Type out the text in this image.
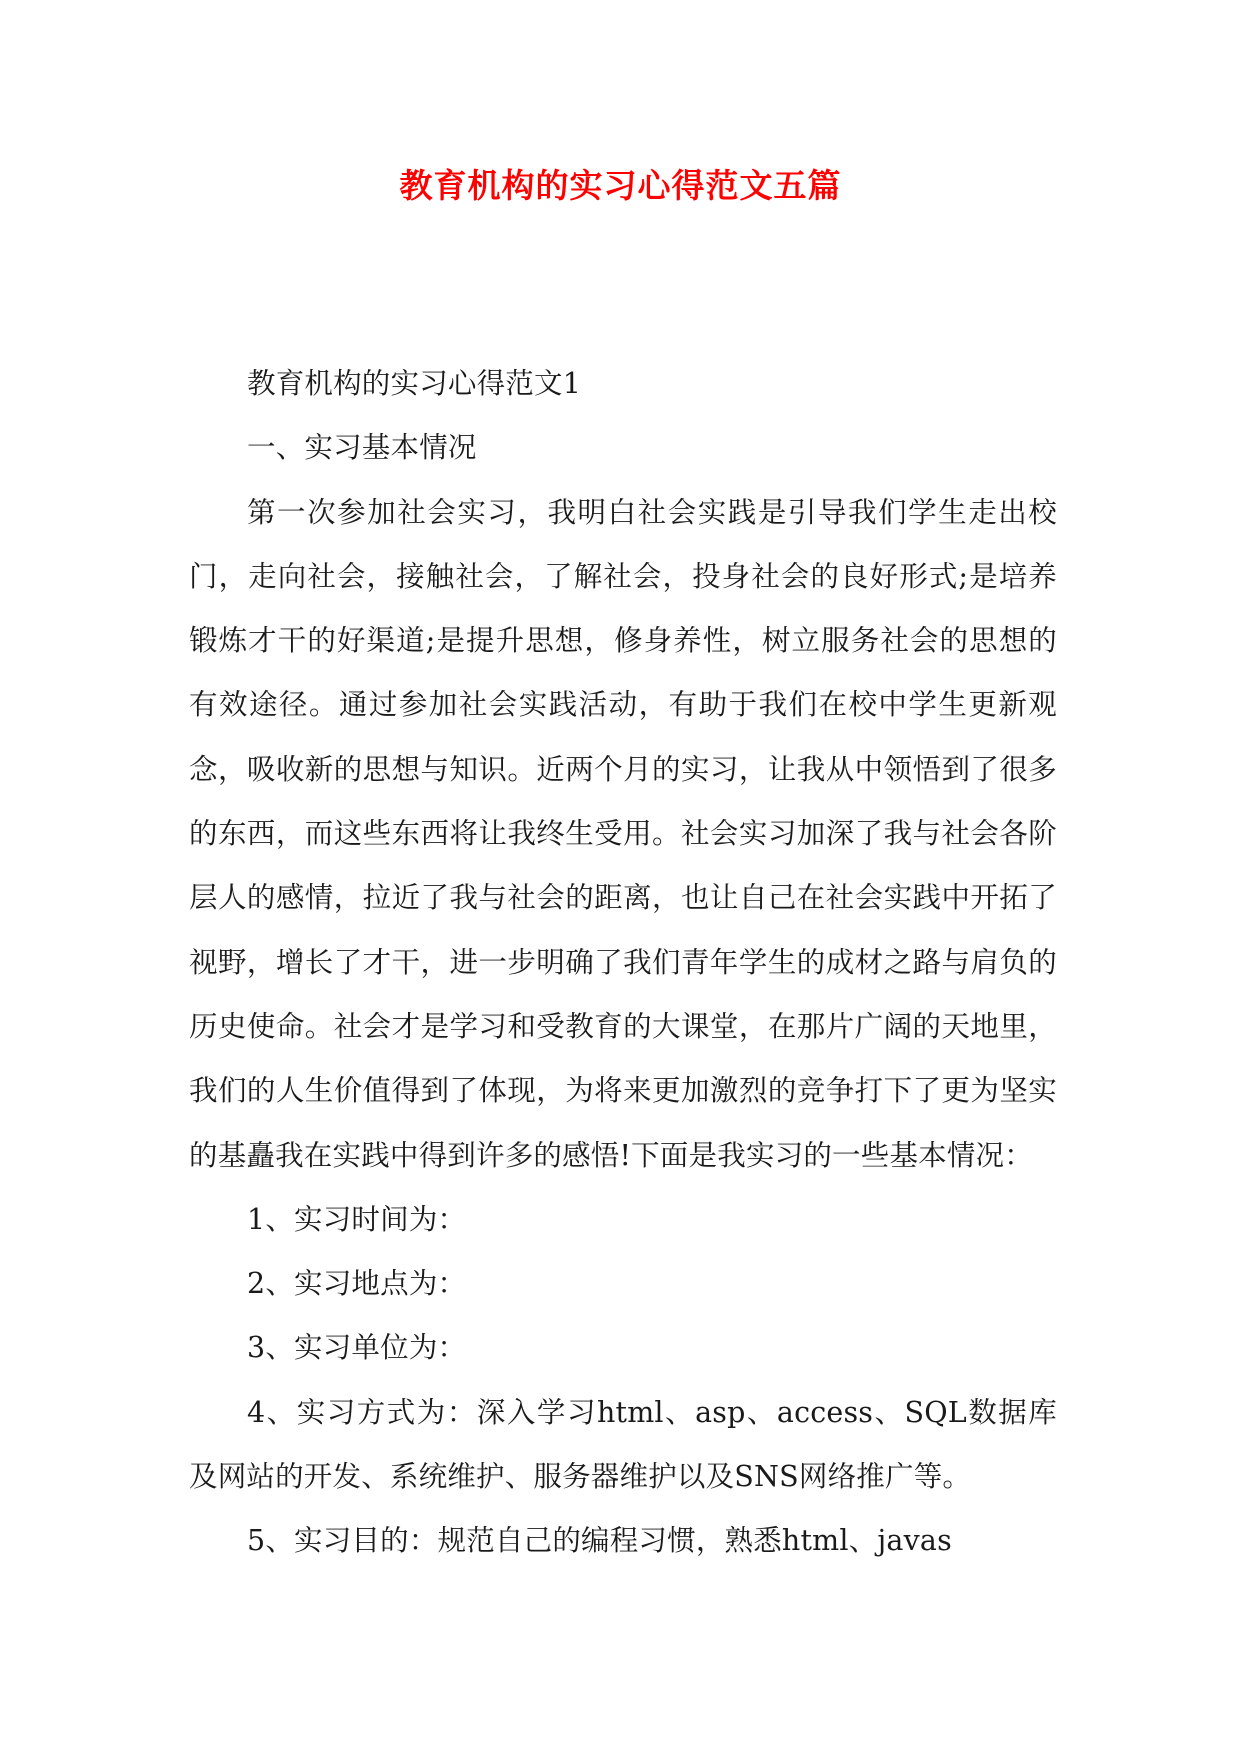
教育机构的实习心得范文五篇

教育机构的实习心得范文1

一、实习基本情况

第一次参加社会实习，我明白社会实践是引导我们学生走出校门，走向社会，接触社会，了解社会，投身社会的良好形式;是培养锻炼才干的好渠道;是提升思想，修身养性，树立服务社会的思想的有效途径。通过参加社会实践活动，有助于我们在校中学生更新观念，吸收新的思想与知识。近两个月的实习，让我从中领悟到了很多的东西，而这些东西将让我终生受用。社会实习加深了我与社会各阶层人的感情，拉近了我与社会的距离，也让自己在社会实践中开拓了视野，增长了才干，进一步明确了我们青年学生的成材之路与肩负的历史使命。社会才是学习和受教育的大课堂，在那片广阔的天地里，我们的人生价值得到了体现，为将来更加激烈的竞争打下了更为坚实的基矗我在实践中得到许多的感悟!下面是我实习的一些基本情况：

1、实习时间为：

2、实习地点为：

3、实习单位为：

4、实习方式为：深入学习html、asp、access、SQL数据库及网站的开发、系统维护、服务器维护以及SNS网络推广等。

5、实习目的：规范自己的编程习惯，熟悉html、javas
